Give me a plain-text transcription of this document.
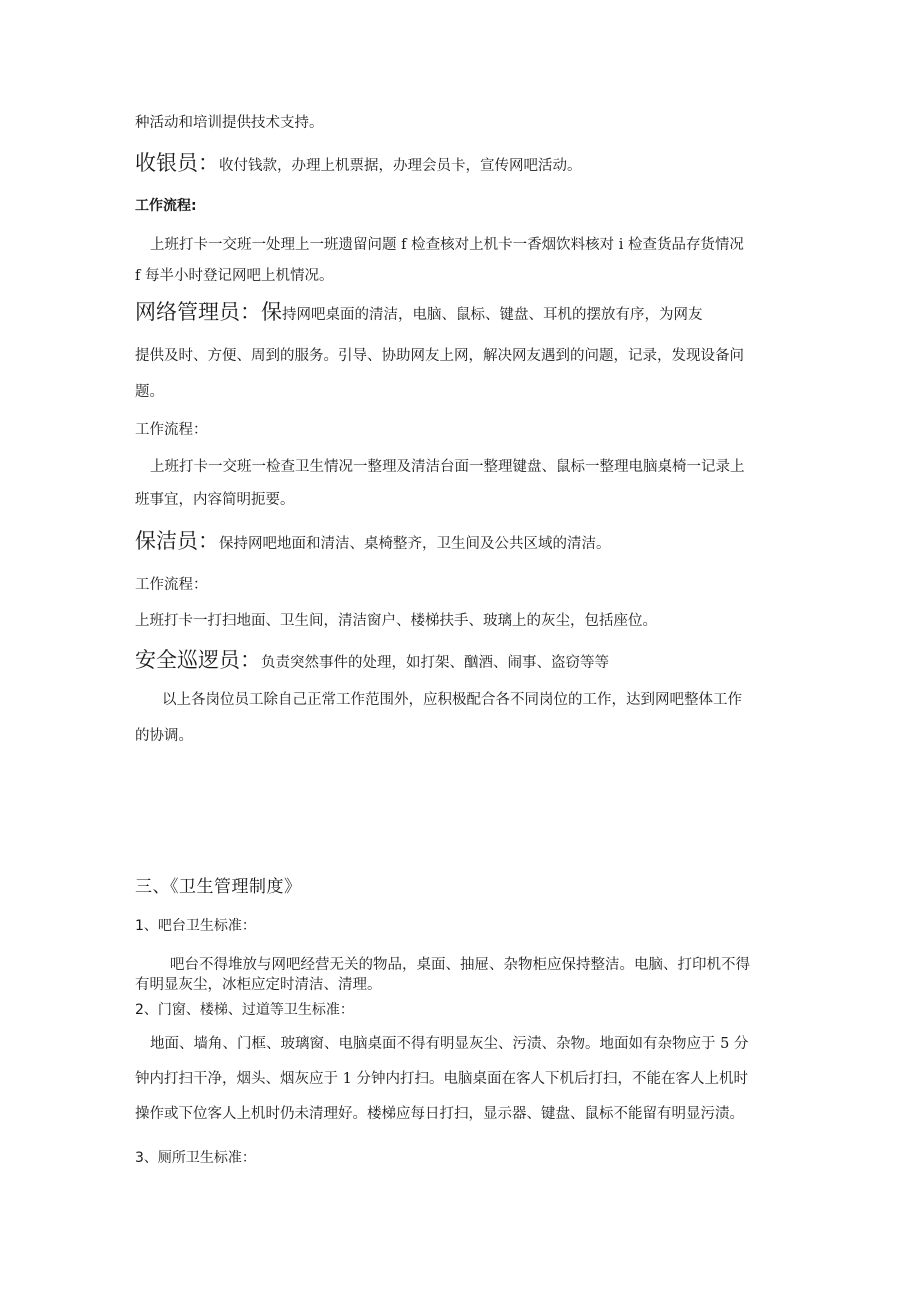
种活动和培训提供技术支持。

收银员：收付钱款，办理上机票据，办理会员卡，宣传网吧活动。

工作流程:

上班打卡一交班一处理上一班遗留问题 f 检查核对上机卡一香烟饮料核对 i 检查货品存货情况

f 每半小时登记网吧上机情况。

网络管理员：保持网吧桌面的清洁，电脑、鼠标、键盘、耳机的摆放有序，为网友

提供及时、方便、周到的服务。引导、协助网友上网，解决网友遇到的问题，记录，发现设备问

题。

工作流程：

上班打卡一交班一检查卫生情况一整理及清洁台面一整理键盘、鼠标一整理电脑桌椅一记录上

班事宜，内容简明扼要。

保洁员：保持网吧地面和清洁、桌椅整齐，卫生间及公共区域的清洁。

工作流程：

上班打卡一打扫地面、卫生间，清洁窗户、楼梯扶手、玻璃上的灰尘，包括座位。

安全巡逻员：负责突然事件的处理，如打架、酗酒、闹事、盗窃等等

以上各岗位员工除自己正常工作范围外，应积极配合各不同岗位的工作，达到网吧整体工作

的协调。

三、《卫生管理制度》

1、吧台卫生标准：

吧台不得堆放与网吧经营无关的物品，桌面、抽屉、杂物柜应保持整洁。电脑、打印机不得

有明显灰尘，冰柜应定时清洁、清理。

2、门窗、楼梯、过道等卫生标准：

地面、墙角、门框、玻璃窗、电脑桌面不得有明显灰尘、污渍、杂物。地面如有杂物应于 5 分

钟内打扫干净，烟头、烟灰应于 1 分钟内打扫。电脑桌面在客人下机后打扫，不能在客人上机时

操作或下位客人上机时仍未清理好。楼梯应每日打扫，显示器、键盘、鼠标不能留有明显污渍。

3、厕所卫生标准：
